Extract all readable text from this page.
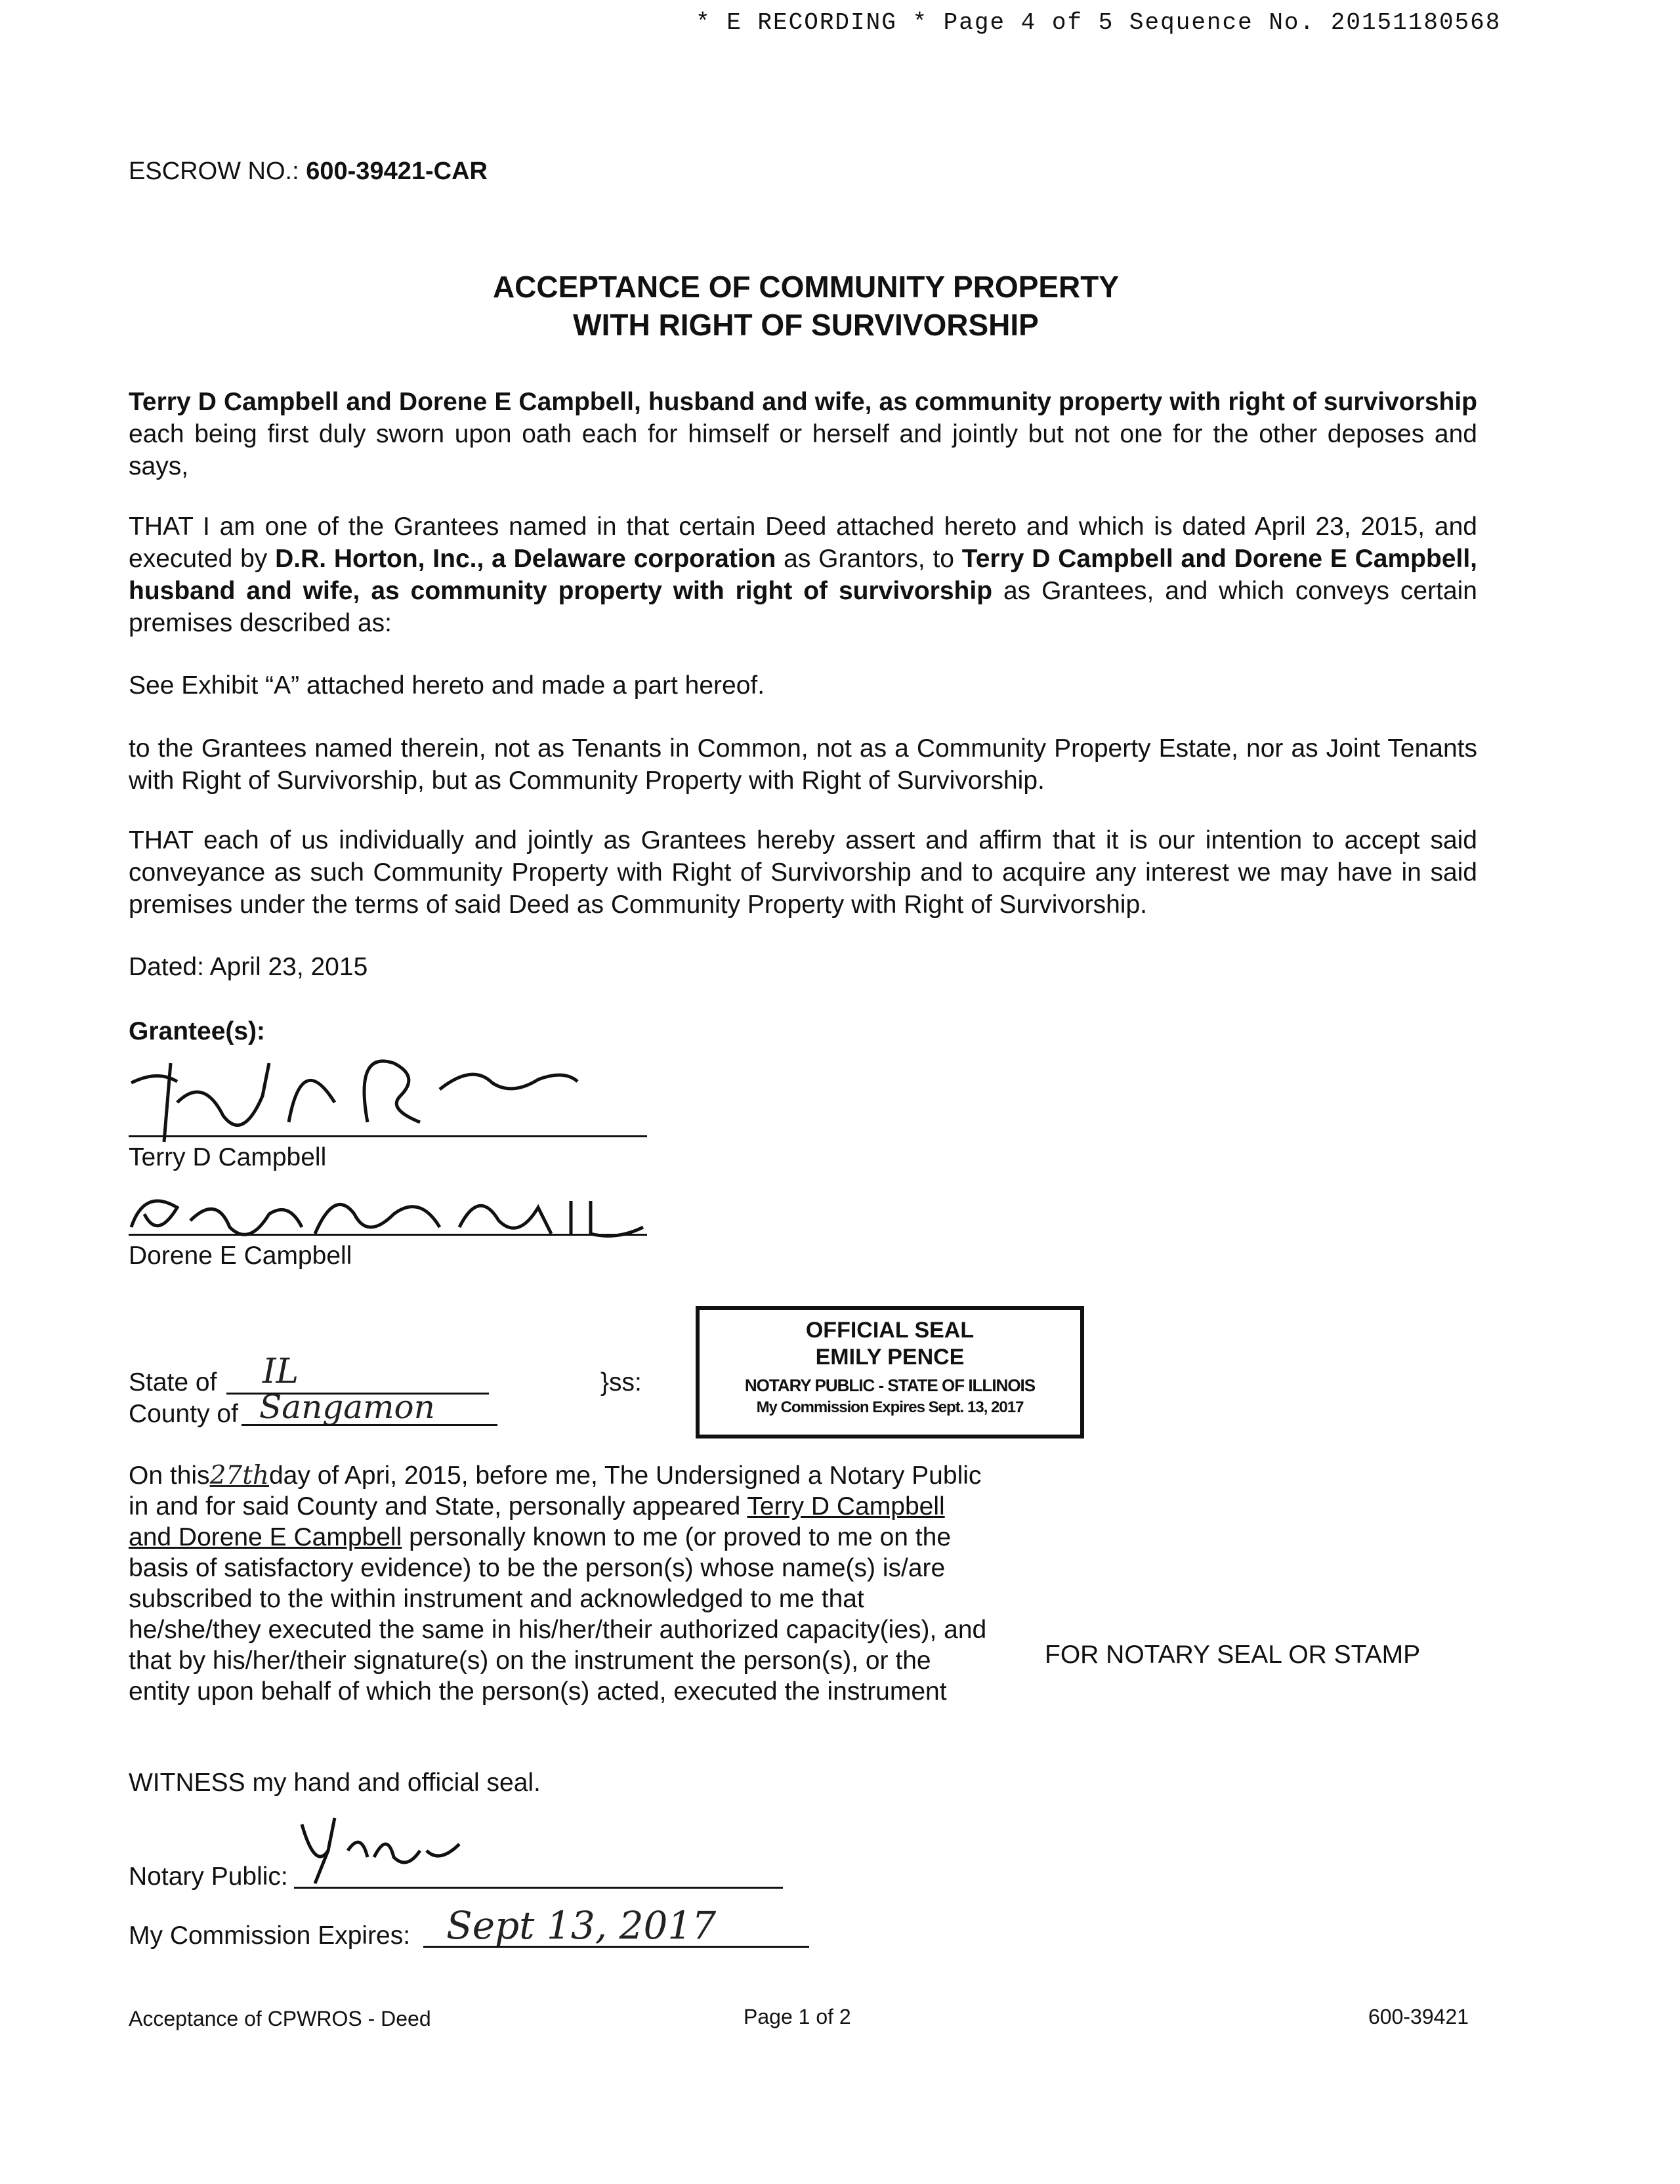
* E RECORDING * Page 4 of 5 Sequence No. 20151180568
ESCROW NO.: 600-39421-CAR
ACCEPTANCE OF COMMUNITY PROPERTY
WITH RIGHT OF SURVIVORSHIP
Terry D Campbell and Dorene E Campbell, husband and wife, as community property with right of survivorship each being first duly sworn upon oath each for himself or herself and jointly but not one for the other deposes and says,
THAT I am one of the Grantees named in that certain Deed attached hereto and which is dated April 23, 2015, and executed by D.R. Horton, Inc., a Delaware corporation as Grantors, to Terry D Campbell and Dorene E Campbell, husband and wife, as community property with right of survivorship as Grantees, and which conveys certain premises described as:
See Exhibit “A” attached hereto and made a part hereof.
to the Grantees named therein, not as Tenants in Common, not as a Community Property Estate, nor as Joint Tenants with Right of Survivorship, but as Community Property with Right of Survivorship.
THAT each of us individually and jointly as Grantees hereby assert and affirm that it is our intention to accept said conveyance as such Community Property with Right of Survivorship and to acquire any interest we may have in said premises under the terms of said Deed as Community Property with Right of Survivorship.
Dated: April 23, 2015
Grantee(s):
Terry D Campbell
Dorene E Campbell
State of IL
County of Sangamon
}ss:
OFFICIAL SEAL
EMILY PENCE
NOTARY PUBLIC - STATE OF ILLINOIS
My Commission Expires Sept. 13, 2017
On this27thday of Apri, 2015, before me, The Undersigned a Notary Public in and for said County and State, personally appeared Terry D Campbell and Dorene E Campbell personally known to me (or proved to me on the basis of satisfactory evidence) to be the person(s) whose name(s) is/are subscribed to the within instrument and acknowledged to me that he/she/they executed the same in his/her/their authorized capacity(ies), and that by his/her/their signature(s) on the instrument the person(s), or the entity upon behalf of which the person(s) acted, executed the instrument
FOR NOTARY SEAL OR STAMP
WITNESS my hand and official seal.
Notary Public:
My Commission Expires: Sept 13, 2017
Acceptance of CPWROS - Deed	Page 1 of 2	600-39421
